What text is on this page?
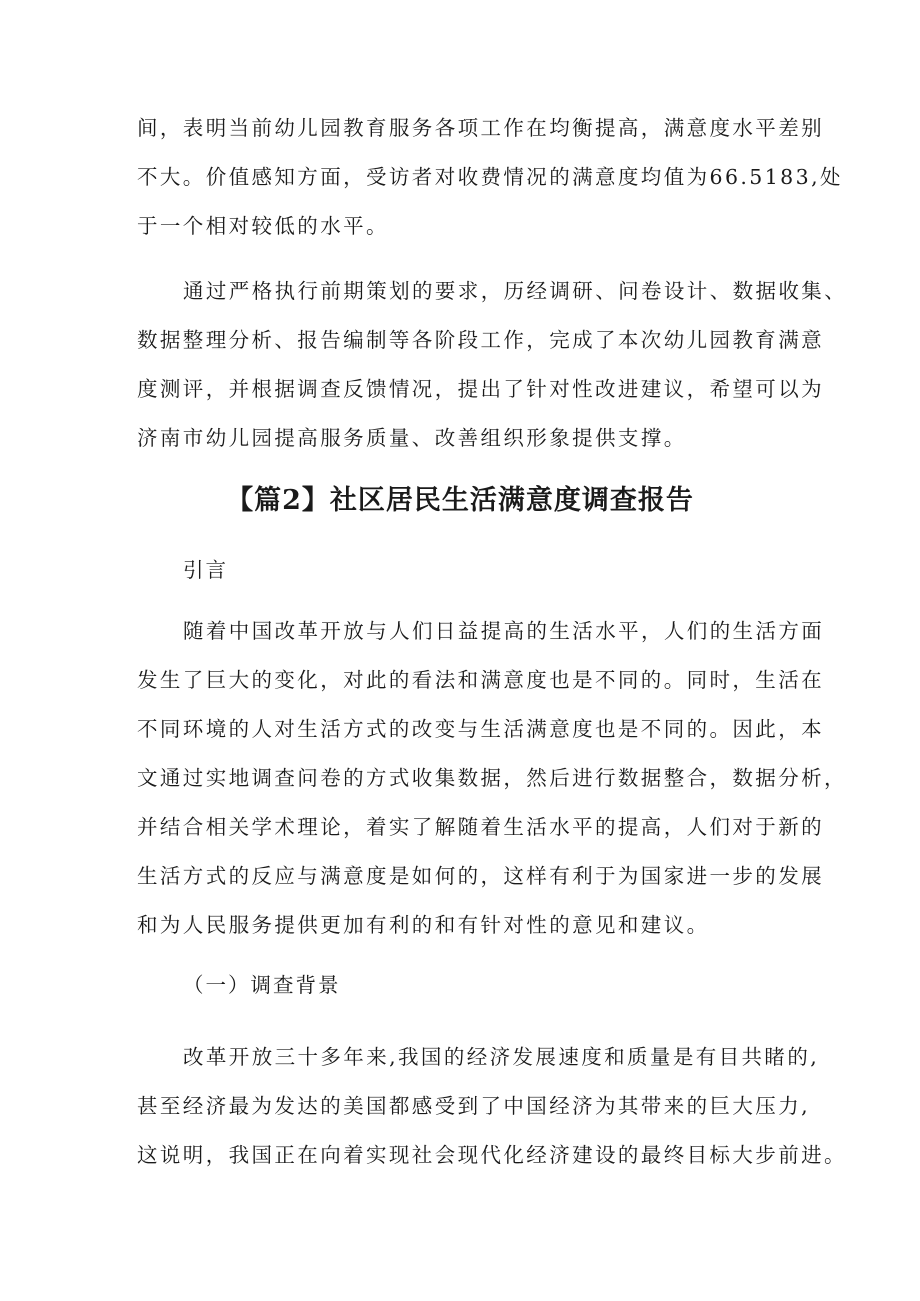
间，表明当前幼儿园教育服务各项工作在均衡提高，满意度水平差别

不大。价值感知方面，受访者对收费情况的满意度均值为66.5183,处

于一个相对较低的水平。

通过严格执行前期策划的要求，历经调研、问卷设计、数据收集、

数据整理分析、报告编制等各阶段工作，完成了本次幼儿园教育满意

度测评，并根据调查反馈情况，提出了针对性改进建议，希望可以为

济南市幼儿园提高服务质量、改善组织形象提供支撑。

【篇2】社区居民生活满意度调查报告

引言

随着中国改革开放与人们日益提高的生活水平，人们的生活方面

发生了巨大的变化，对此的看法和满意度也是不同的。同时，生活在

不同环境的人对生活方式的改变与生活满意度也是不同的。因此，本

文通过实地调查问卷的方式收集数据，然后进行数据整合，数据分析，

并结合相关学术理论，着实了解随着生活水平的提高，人们对于新的

生活方式的反应与满意度是如何的，这样有利于为国家进一步的发展

和为人民服务提供更加有利的和有针对性的意见和建议。

（一）调查背景

改革开放三十多年来,我国的经济发展速度和质量是有目共睹的,

甚至经济最为发达的美国都感受到了中国经济为其带来的巨大压力,

这说明，我国正在向着实现社会现代化经济建设的最终目标大步前进。
